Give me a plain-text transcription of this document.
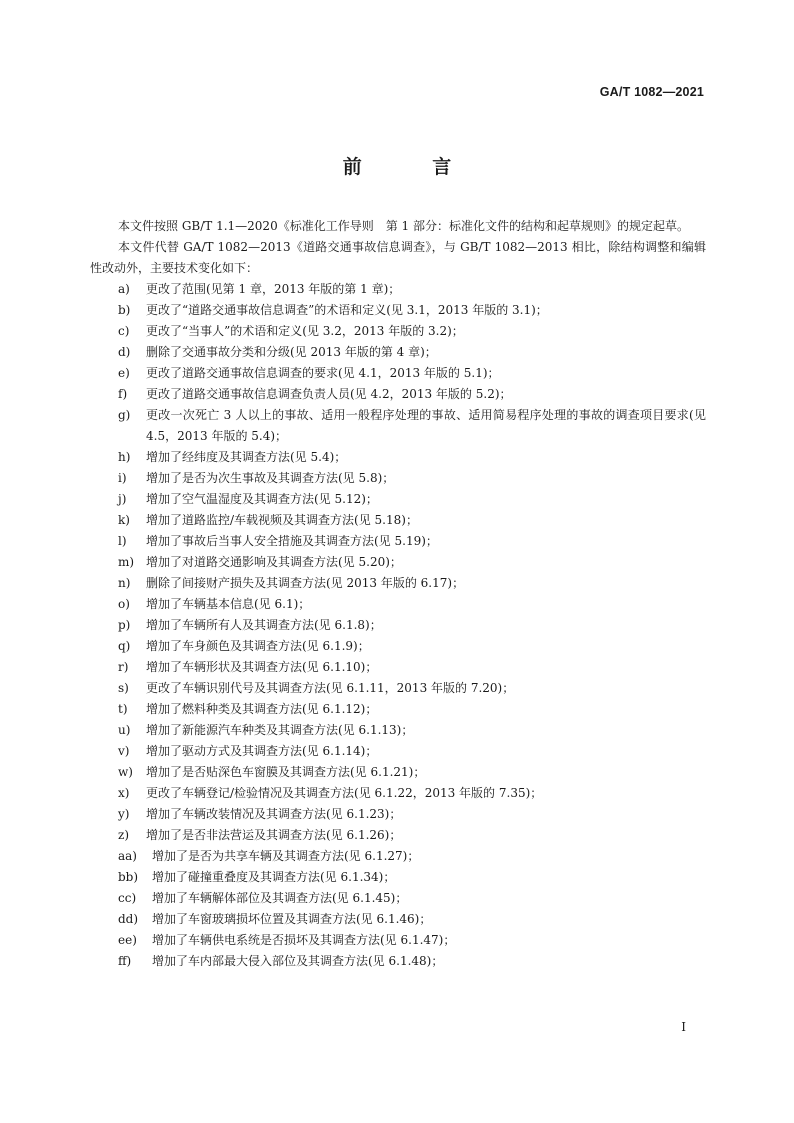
GA/T 1082—2021
前 言

本文件按照 GB/T 1.1—2020《标准化工作导则　第 1 部分：标准化文件的结构和起草规则》的规定起草。

本文件代替 GA/T 1082—2013《道路交通事故信息调查》，与 GB/T 1082—2013 相比，除结构调整和编辑性改动外，主要技术变化如下：

a) 更改了范围(见第 1 章，2013 年版的第 1 章)；
b) 更改了“道路交通事故信息调查”的术语和定义(见 3.1，2013 年版的 3.1)；
c) 更改了“当事人”的术语和定义(见 3.2，2013 年版的 3.2)；
d) 删除了交通事故分类和分级(见 2013 年版的第 4 章)；
e) 更改了道路交通事故信息调查的要求(见 4.1，2013 年版的 5.1)；
f) 更改了道路交通事故信息调查负责人员(见 4.2，2013 年版的 5.2)；
g) 更改一次死亡 3 人以上的事故、适用一般程序处理的事故、适用简易程序处理的事故的调查项目要求(见 4.5，2013 年版的 5.4)；
h) 增加了经纬度及其调查方法(见 5.4)；
i) 增加了是否为次生事故及其调查方法(见 5.8)；
j) 增加了空气温湿度及其调查方法(见 5.12)；
k) 增加了道路监控/车载视频及其调查方法(见 5.18)；
l) 增加了事故后当事人安全措施及其调查方法(见 5.19)；
m) 增加了对道路交通影响及其调查方法(见 5.20)；
n) 删除了间接财产损失及其调查方法(见 2013 年版的 6.17)；
o) 增加了车辆基本信息(见 6.1)；
p) 增加了车辆所有人及其调查方法(见 6.1.8)；
q) 增加了车身颜色及其调查方法(见 6.1.9)；
r) 增加了车辆形状及其调查方法(见 6.1.10)；
s) 更改了车辆识别代号及其调查方法(见 6.1.11，2013 年版的 7.20)；
t) 增加了燃料种类及其调查方法(见 6.1.12)；
u) 增加了新能源汽车种类及其调查方法(见 6.1.13)；
v) 增加了驱动方式及其调查方法(见 6.1.14)；
w) 增加了是否贴深色车窗膜及其调查方法(见 6.1.21)；
x) 更改了车辆登记/检验情况及其调查方法(见 6.1.22，2013 年版的 7.35)；
y) 增加了车辆改装情况及其调查方法(见 6.1.23)；
z) 增加了是否非法营运及其调查方法(见 6.1.26)；
aa) 增加了是否为共享车辆及其调查方法(见 6.1.27)；
bb) 增加了碰撞重叠度及其调查方法(见 6.1.34)；
cc) 增加了车辆解体部位及其调查方法(见 6.1.45)；
dd) 增加了车窗玻璃损坏位置及其调查方法(见 6.1.46)；
ee) 增加了车辆供电系统是否损坏及其调查方法(见 6.1.47)；
ff) 增加了车内部最大侵入部位及其调查方法(见 6.1.48)；
I
